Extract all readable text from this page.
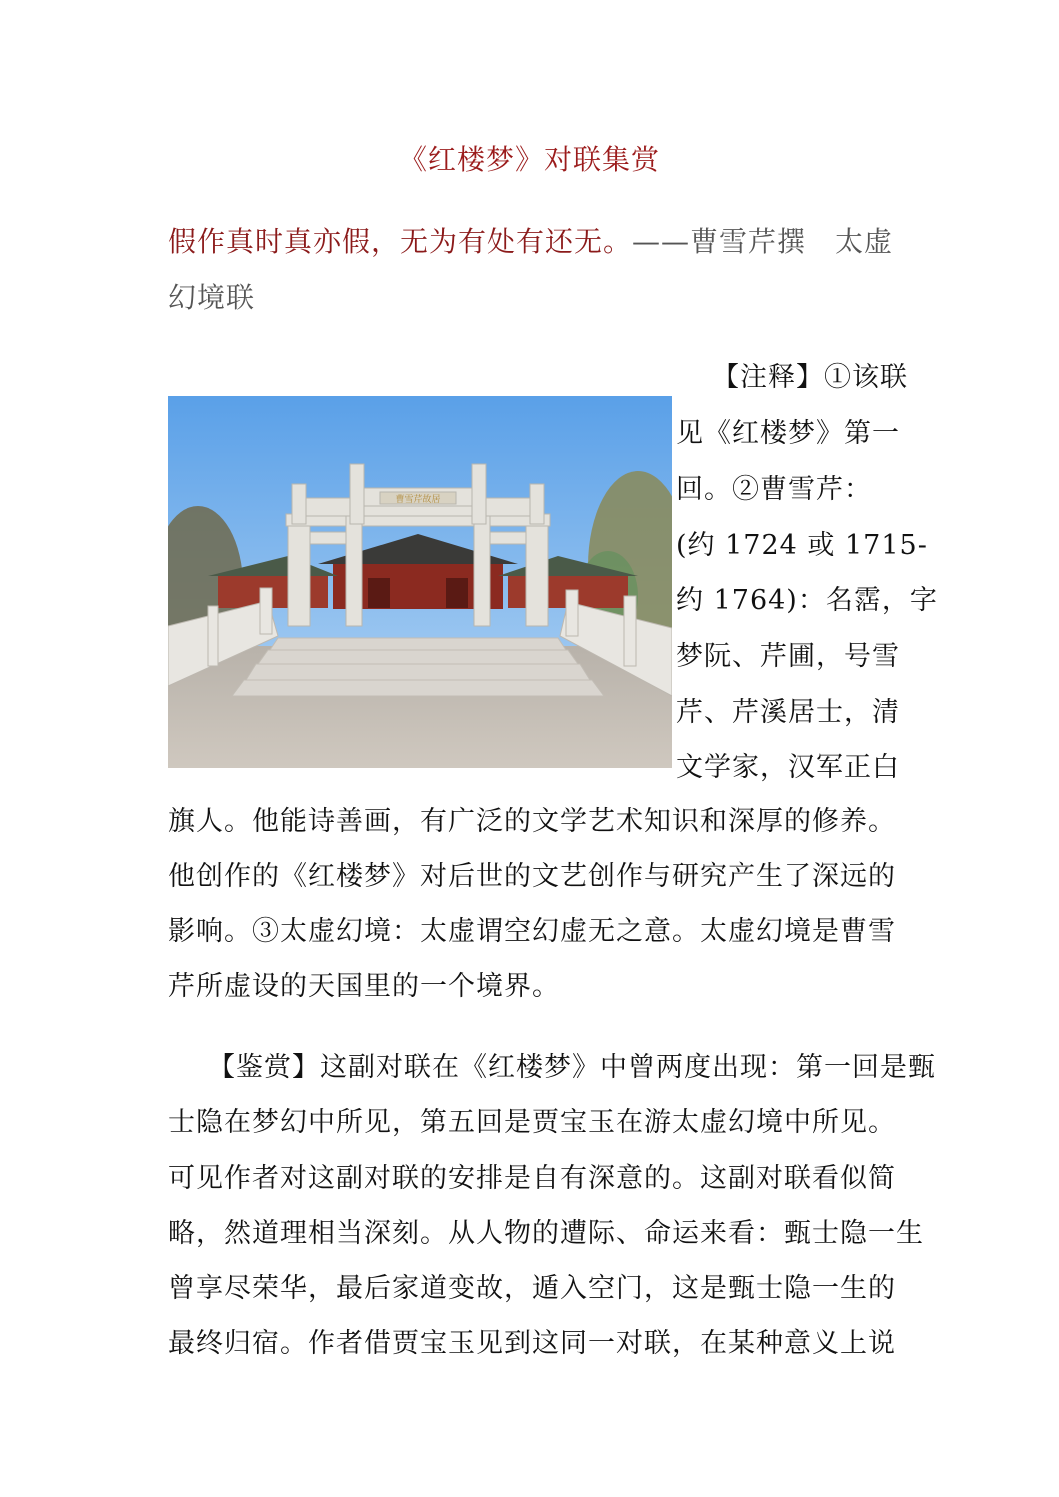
《红楼梦》对联集赏
假作真时真亦假，无为有处有还无。——曹雪芹撰　太虚幻境联
【注释】①该联
见《红楼梦》第一
回。②曹雪芹：
(约 1724 或 1715-
约 1764)：名霑，字
梦阮、芹圃，号雪
芹、芹溪居士，清
文学家，汉军正白
曹雪芹故居
旗人。他能诗善画，有广泛的文学艺术知识和深厚的修养。
他创作的《红楼梦》对后世的文艺创作与研究产生了深远的
影响。③太虚幻境：太虚谓空幻虚无之意。太虚幻境是曹雪
芹所虚设的天国里的一个境界。
【鉴赏】这副对联在《红楼梦》中曾两度出现：第一回是甄
士隐在梦幻中所见，第五回是贾宝玉在游太虚幻境中所见。
可见作者对这副对联的安排是自有深意的。这副对联看似简
略，然道理相当深刻。从人物的遭际、命运来看：甄士隐一生
曾享尽荣华，最后家道变故，遁入空门，这是甄士隐一生的
最终归宿。作者借贾宝玉见到这同一对联，在某种意义上说
